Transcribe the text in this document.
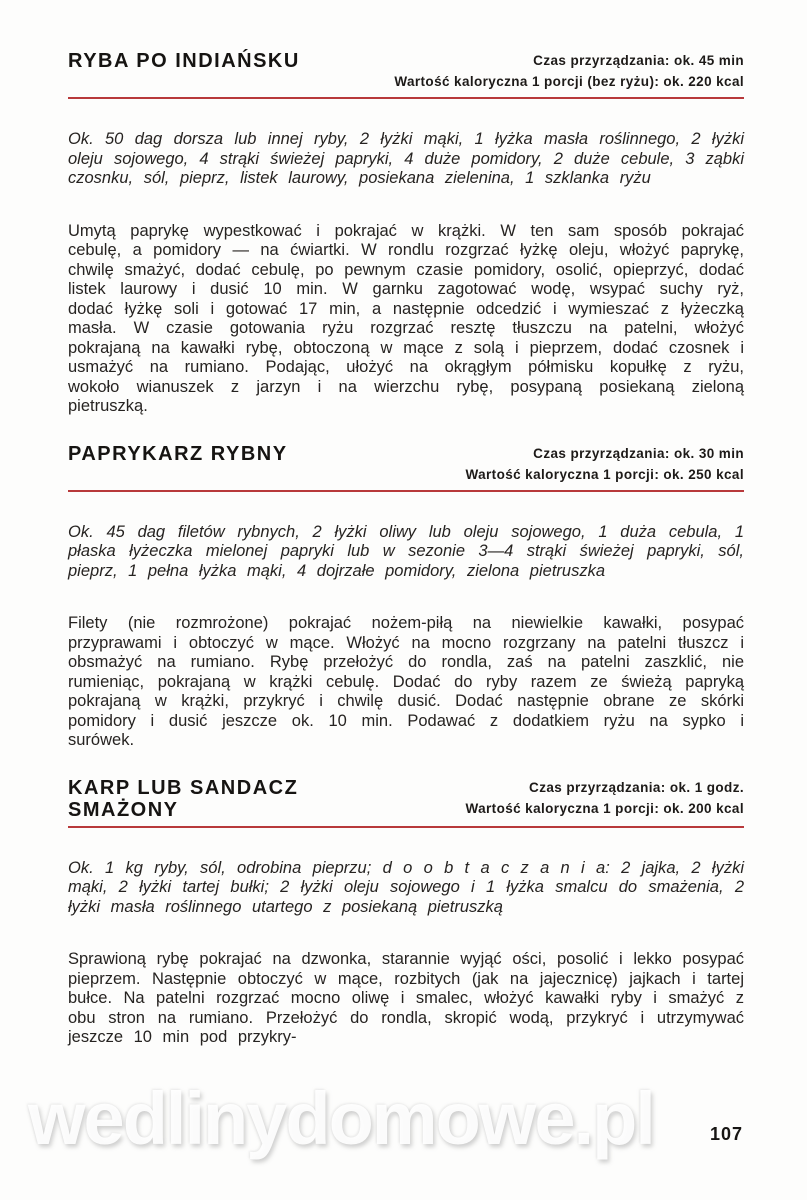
RYBA PO INDIAŃSKU	Czas przyrządzania: ok. 45 min
Wartość kaloryczna 1 porcji (bez ryżu): ok. 220 kcal

Ok. 50 dag dorsza lub innej ryby, 2 łyżki mąki, 1 łyżka masła roślinnego, 2 łyżki oleju sojowego, 4 strąki świeżej papryki, 4 duże pomidory, 2 duże cebule, 3 ząbki czosnku, sól, pieprz, listek laurowy, posiekana zielenina, 1 szklanka ryżu

Umytą paprykę wypestkować i pokrajać w krążki. W ten sam sposób pokrajać cebulę, a pomidory — na ćwiartki. W rondlu rozgrzać łyżkę oleju, włożyć paprykę, chwilę smażyć, dodać cebulę, po pewnym czasie pomidory, osolić, opieprzyć, dodać listek laurowy i dusić 10 min. W garnku zagotować wodę, wsypać suchy ryż, dodać łyżkę soli i gotować 17 min, a następnie odcedzić i wymieszać z łyżeczką masła. W czasie gotowania ryżu rozgrzać resztę tłuszczu na patelni, włożyć pokrajaną na kawałki rybę, obtoczoną w mące z solą i pieprzem, dodać czosnek i usmażyć na rumiano. Podając, ułożyć na okrągłym półmisku kopułkę z ryżu, wokoło wianuszek z jarzyn i na wierzchu rybę, posypaną posiekaną zieloną pietruszką.

PAPRYKARZ RYBNY	Czas przyrządzania: ok. 30 min
Wartość kaloryczna 1 porcji: ok. 250 kcal

Ok. 45 dag filetów rybnych, 2 łyżki oliwy lub oleju sojowego, 1 duża cebula, 1 płaska łyżeczka mielonej papryki lub w sezonie 3—4 strąki świeżej papryki, sól, pieprz, 1 pełna łyżka mąki, 4 dojrzałe pomidory, zielona pietruszka

Filety (nie rozmrożone) pokrajać nożem-piłą na niewielkie kawałki, posypać przyprawami i obtoczyć w mące. Włożyć na mocno rozgrzany na patelni tłuszcz i obsmażyć na rumiano. Rybę przełożyć do rondla, zaś na patelni zaszklić, nie rumieniąc, pokrajaną w krążki cebulę. Dodać do ryby razem ze świeżą papryką pokrajaną w krążki, przykryć i chwilę dusić. Dodać następnie obrane ze skórki pomidory i dusić jeszcze ok. 10 min. Podawać z dodatkiem ryżu na sypko i surówek.

KARP LUB SANDACZ SMAŻONY
Czas przyrządzania: ok. 1 godz.
Wartość kaloryczna 1 porcji: ok. 200 kcal

Ok. 1 kg ryby, sól, odrobina pieprzu; d o o b t a c z a n i a: 2 jajka, 2 łyżki mąki, 2 łyżki tartej bułki; 2 łyżki oleju sojowego i 1 łyżka smalcu do smażenia, 2 łyżki masła roślinnego utartego z posiekaną pietruszką

Sprawioną rybę pokrajać na dzwonka, starannie wyjąć ości, posolić i lekko posypać pieprzem. Następnie obtoczyć w mące, rozbitych (jak na jajecznicę) jajkach i tartej bułce. Na patelni rozgrzać mocno oliwę i smalec, włożyć kawałki ryby i smażyć z obu stron na rumiano. Przełożyć do rondla, skropić wodą, przykryć i utrzymywać jeszcze 10 min pod przykry-

wedlinydomowe.pl	107
